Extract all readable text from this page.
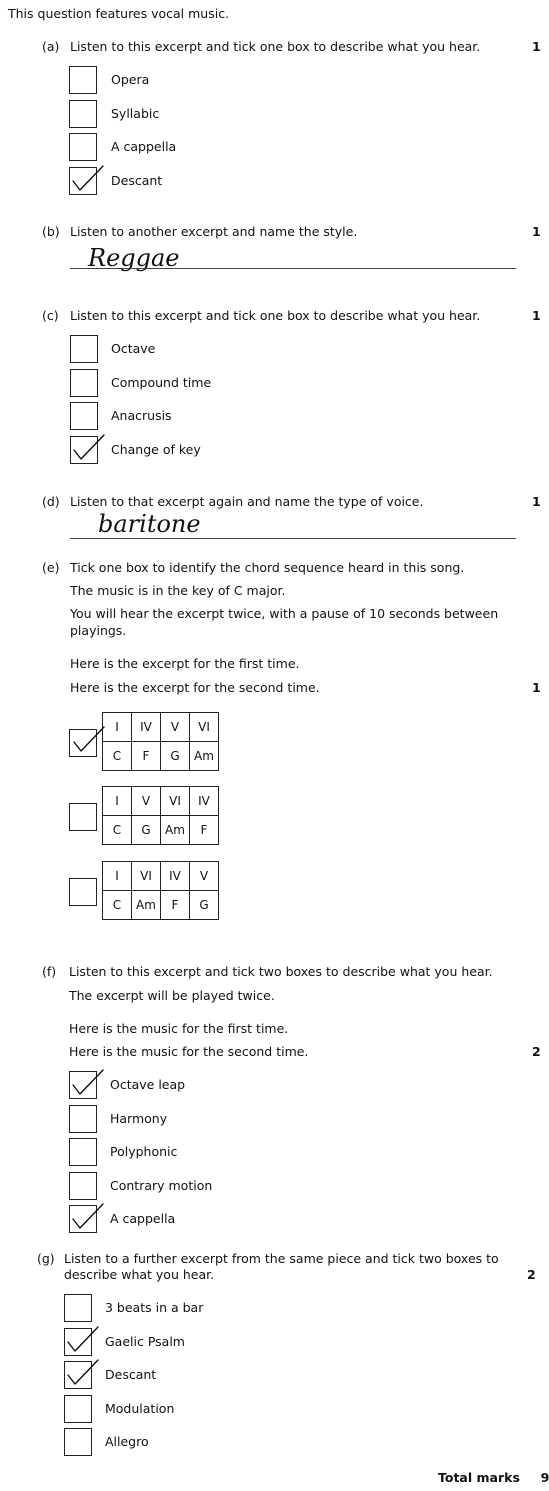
This question features vocal music.
(a) Listen to this excerpt and tick one box to describe what you hear.	1
Opera
Syllabic
A cappella
Descant
(b) Listen to another excerpt and name the style.	1
Reggae
(c) Listen to this excerpt and tick one box to describe what you hear.	1
Octave
Compound time
Anacrusis
Change of key
(d) Listen to that excerpt again and name the type of voice.	1
baritone
(e) Tick one box to identify the chord sequence heard in this song.
The music is in the key of C major.
You will hear the excerpt twice, with a pause of 10 seconds between
playings.
Here is the excerpt for the first time.
Here is the excerpt for the second time.	1
I	IV	V	VI
C	F	G	Am
I	V	VI	IV
C	G	Am	F
I	VI	IV	V
C	Am	F	G
(f) Listen to this excerpt and tick two boxes to describe what you hear.
The excerpt will be played twice.
Here is the music for the first time.
Here is the music for the second time.	2
Octave leap
Harmony
Polyphonic
Contrary motion
A cappella
(g) Listen to a further excerpt from the same piece and tick two boxes to
describe what you hear.	2
3 beats in a bar
Gaelic Psalm
Descant
Modulation
Allegro
Total marks 9
